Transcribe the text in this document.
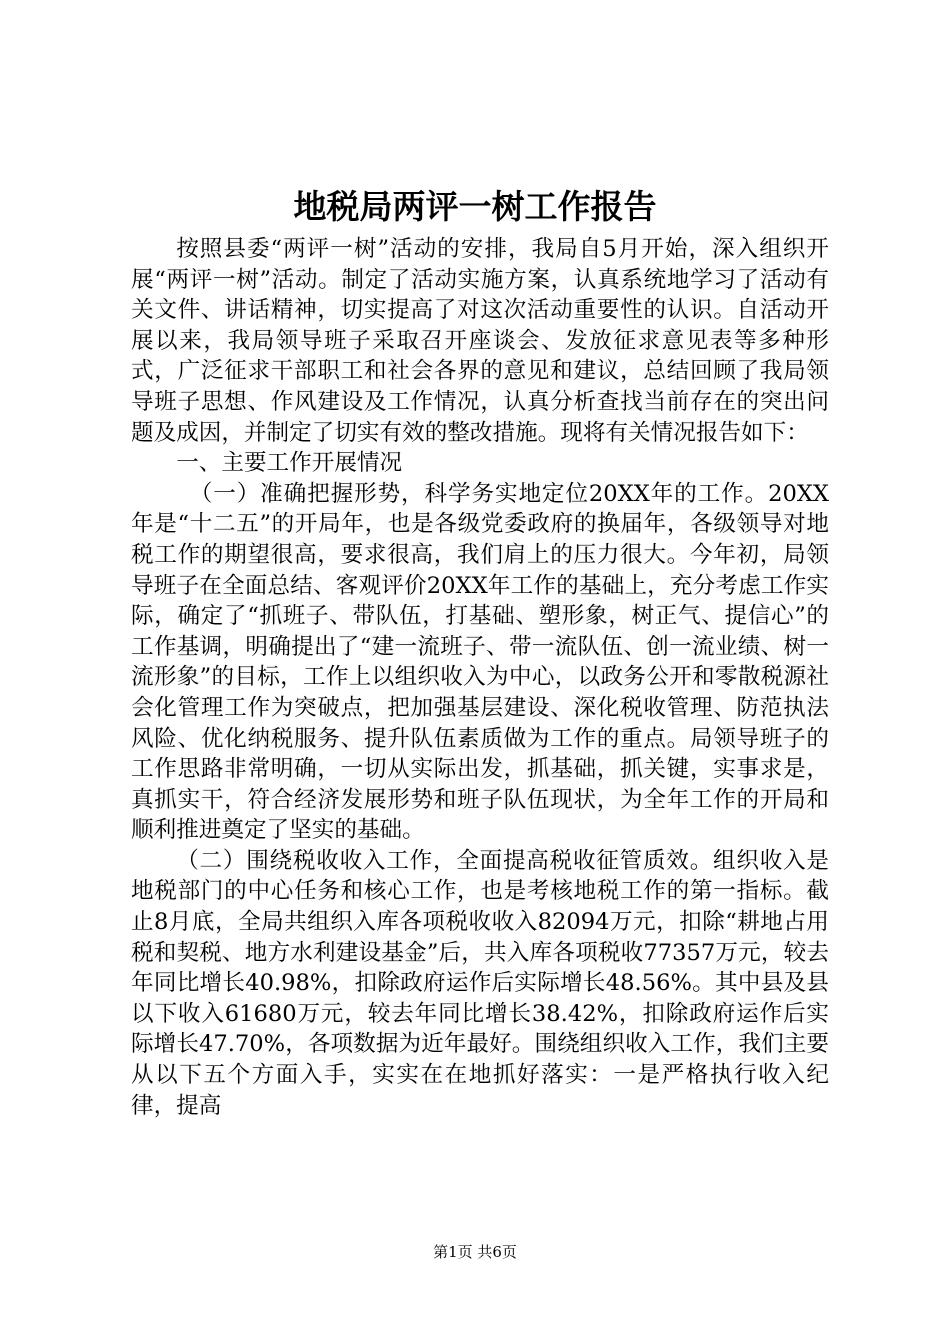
地税局两评一树工作报告

按照县委“两评一树”活动的安排，我局自5月开始，深入组织开展“两评一树”活动。制定了活动实施方案，认真系统地学习了活动有关文件、讲话精神，切实提高了对这次活动重要性的认识。自活动开展以来，我局领导班子采取召开座谈会、发放征求意见表等多种形式，广泛征求干部职工和社会各界的意见和建议，总结回顾了我局领导班子思想、作风建设及工作情况，认真分析查找当前存在的突出问题及成因，并制定了切实有效的整改措施。现将有关情况报告如下：

一、主要工作开展情况

（一）准确把握形势，科学务实地定位20XX年的工作。20XX年是“十二五”的开局年，也是各级党委政府的换届年，各级领导对地税工作的期望很高，要求很高，我们肩上的压力很大。今年初，局领导班子在全面总结、客观评价20XX年工作的基础上，充分考虑工作实际，确定了“抓班子、带队伍，打基础、塑形象，树正气、提信心”的工作基调，明确提出了“建一流班子、带一流队伍、创一流业绩、树一流形象”的目标，工作上以组织收入为中心，以政务公开和零散税源社会化管理工作为突破点，把加强基层建设、深化税收管理、防范执法风险、优化纳税服务、提升队伍素质做为工作的重点。局领导班子的工作思路非常明确，一切从实际出发，抓基础，抓关键，实事求是，真抓实干，符合经济发展形势和班子队伍现状，为全年工作的开局和顺利推进奠定了坚实的基础。

（二）围绕税收收入工作，全面提高税收征管质效。组织收入是地税部门的中心任务和核心工作，也是考核地税工作的第一指标。截止8月底，全局共组织入库各项税收收入82094万元，扣除“耕地占用税和契税、地方水利建设基金”后，共入库各项税收77357万元，较去年同比增长40.98%，扣除政府运作后实际增长48.56%。其中县及县以下收入61680万元，较去年同比增长38.42%，扣除政府运作后实际增长47.70%，各项数据为近年最好。围绕组织收入工作，我们主要从以下五个方面入手，实实在在地抓好落实：一是严格执行收入纪律，提高

第1页 共6页
